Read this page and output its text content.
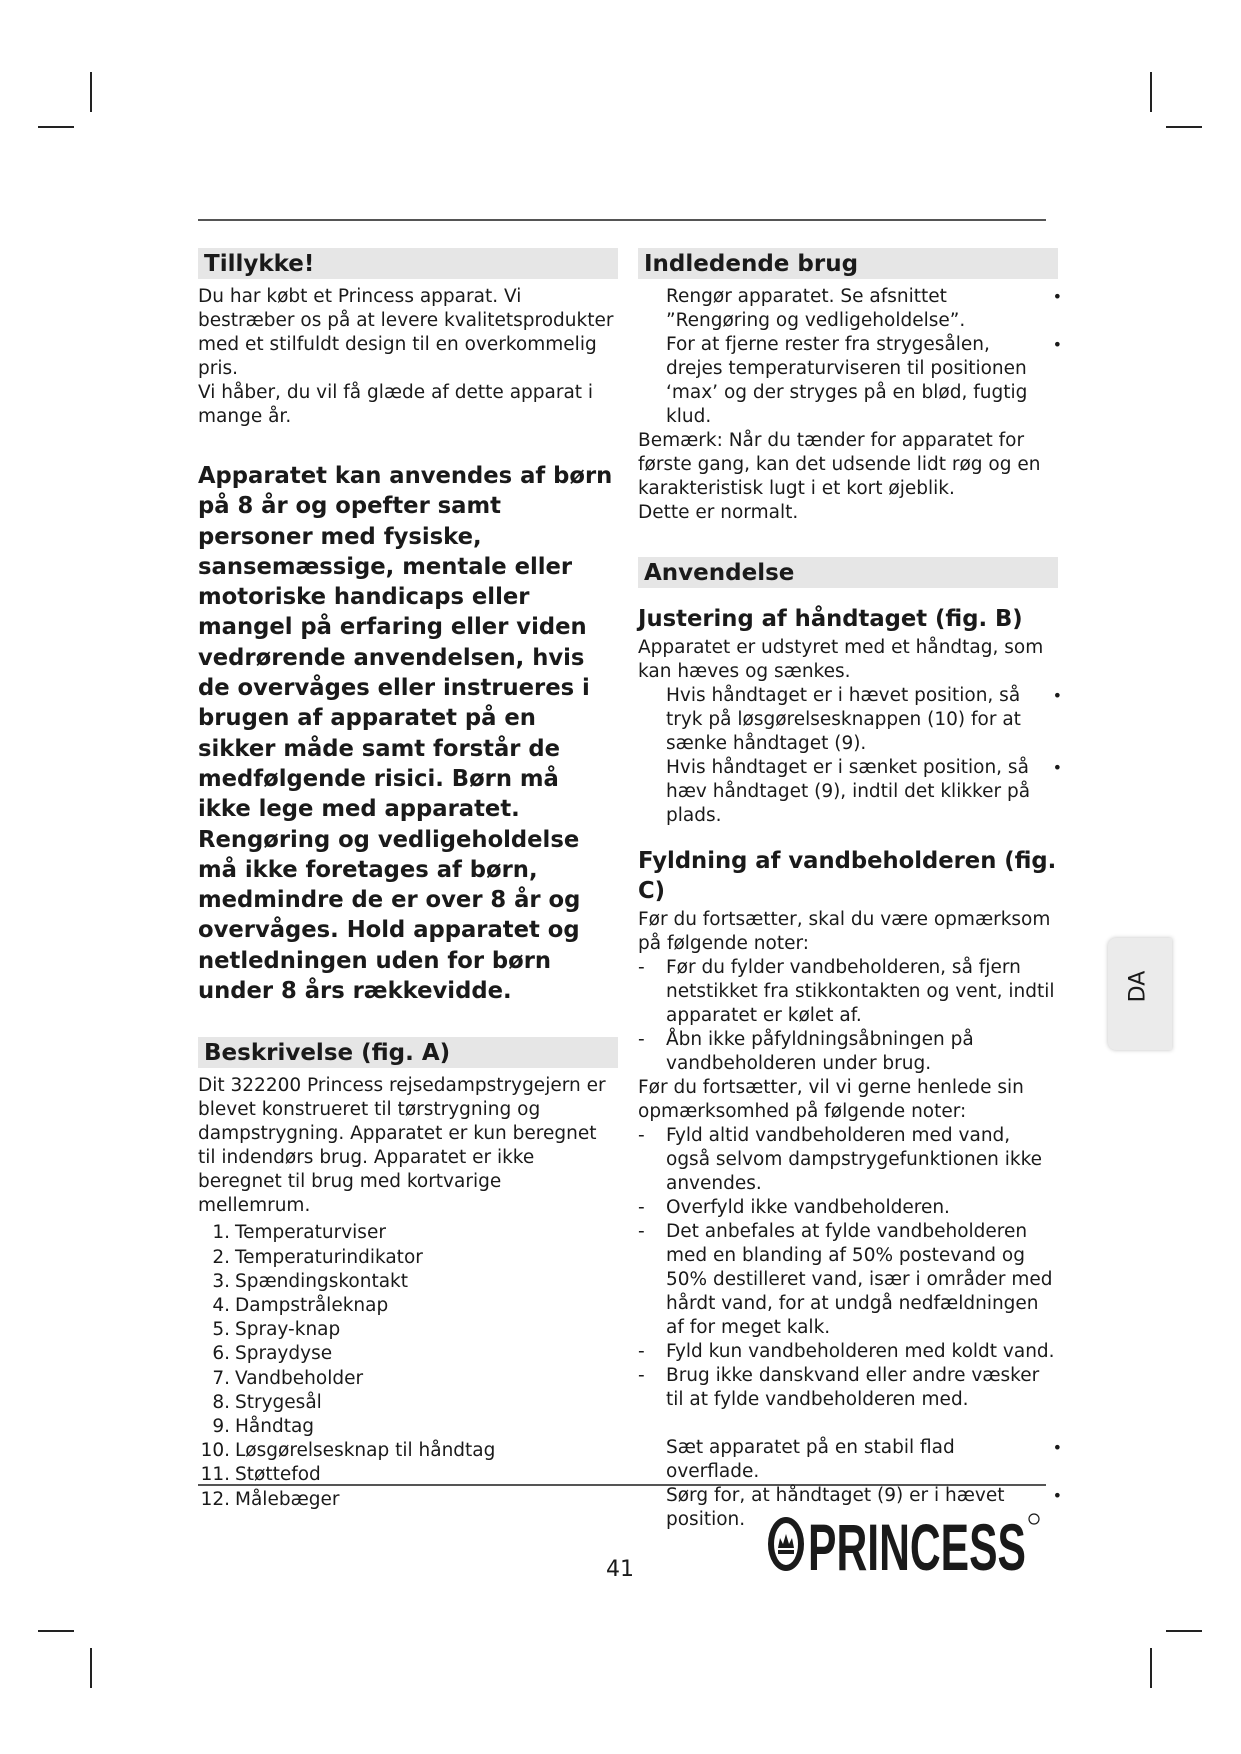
Tillykke!

Du har købt et Princess apparat. Vi bestræber os på at levere kvalitetsprodukter med et stilfuldt design til en overkommelig pris.

Vi håber, du vil få glæde af dette apparat i mange år.

Apparatet kan anvendes af børn på 8 år og opefter samt personer med fysiske, sansemæssige, mentale eller motoriske handicaps eller mangel på erfaring eller viden vedrørende anvendelsen, hvis de overvåges eller instrueres i brugen af apparatet på en sikker måde samt forstår de medfølgende risici. Børn må ikke lege med apparatet. Rengøring og vedligeholdelse må ikke foretages af børn, medmindre de er over 8 år og overvåges. Hold apparatet og netledningen uden for børn under 8 års rækkevidde.

Beskrivelse (fig. A)

Dit 322200 Princess rejsedampstrygejern er blevet konstrueret til tørstrygning og dampstrygning. Apparatet er kun beregnet til indendørs brug. Apparatet er ikke beregnet til brug med kortvarige mellemrum.

1. Temperaturviser
2. Temperaturindikator
3. Spændingskontakt
4. Dampstråleknap
5. Spray-knap
6. Spraydyse
7. Vandbeholder
8. Strygesål
9. Håndtag
10. Løsgørelsesknap til håndtag
11. Støttefod
12. Målebæger
Indledende brug
Rengør apparatet. Se afsnittet ”Rengøring og vedligeholdelse”.
•
For at fjerne rester fra strygesålen, drejes temperaturviseren til positionen ‘max’ og der stryges på en blød, fugtig klud.
•

Bemærk: Når du tænder for apparatet for første gang, kan det udsende lidt røg og en karakteristisk lugt i et kort øjeblik.

Dette er normalt.

Anvendelse
Justering af håndtaget (fig. B)

Apparatet er udstyret med et håndtag, som kan hæves og sænkes.

Hvis håndtaget er i hævet position, så tryk på løsgørelsesknappen (10) for at sænke håndtaget (9).
•
Hvis håndtaget er i sænket position, så hæv håndtaget (9), indtil det klikker på plads.
•
Fyldning af vandbeholderen (fig. C)

Før du fortsætter, skal du være opmærksom på følgende noter:

- Før du fylder vandbeholderen, så fjern netstikket fra stikkontakten og vent, indtil apparatet er kølet af.
- Åbn ikke påfyldningsåbningen på vandbeholderen under brug.

Før du fortsætter, vil vi gerne henlede sin opmærksomhed på følgende noter:

- Fyld altid vandbeholderen med vand, også selvom dampstrygefunktionen ikke anvendes.
- Overfyld ikke vandbeholderen.
- Det anbefales at fylde vandbeholderen med en blanding af 50% postevand og 50% destilleret vand, især i områder med hårdt vand, for at undgå nedfældningen af for meget kalk.
- Fyld kun vandbeholderen med koldt vand.
- Brug ikke danskvand eller andre væsker til at fylde vandbeholderen med.
Sæt apparatet på en stabil flad overflade.
•
Sørg for, at håndtaget (9) er i hævet position.
•
DA
41	PRINCESS
